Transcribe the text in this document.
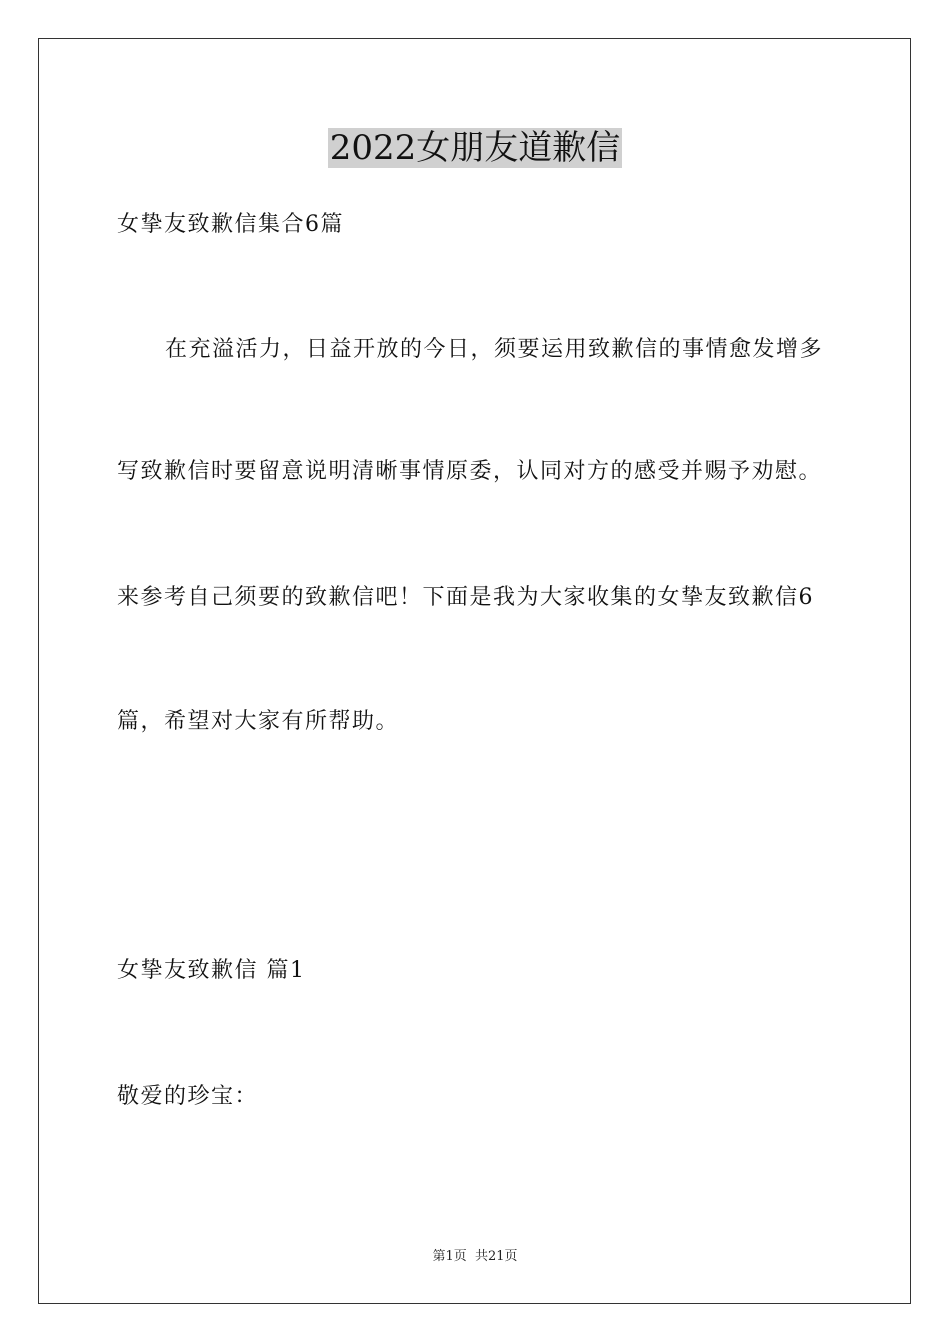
2022女朋友道歉信
女挚友致歉信集合6篇
在充溢活力，日益开放的今日，须要运用致歉信的事情愈发增多
写致歉信时要留意说明清晰事情原委，认同对方的感受并赐予劝慰。
来参考自己须要的致歉信吧！下面是我为大家收集的女挚友致歉信6
篇，希望对大家有所帮助。
女挚友致歉信 篇1
敬爱的珍宝：
第1页 共21页
